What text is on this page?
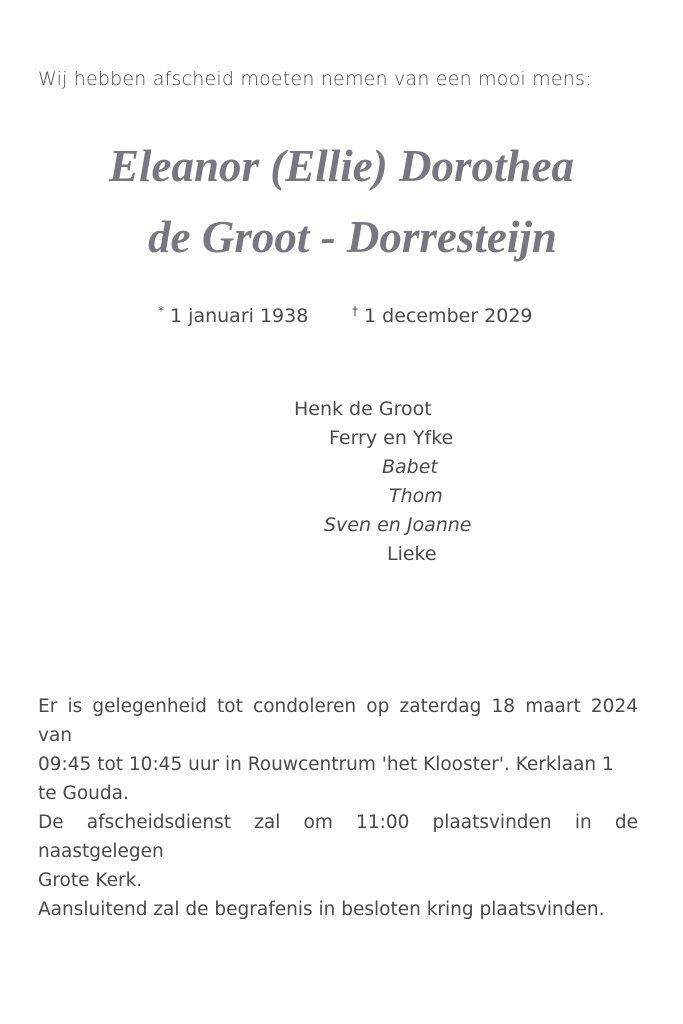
Wij hebben afscheid moeten nemen van een mooi mens:
Eleanor (Ellie) Dorothea
de Groot - Dorresteijn
* 1 januari 1938	† 1 december 2029
Henk de Groot
Ferry en Yfke
Babet
Thom
Sven en Joanne
Lieke
Er is gelegenheid tot condoleren op zaterdag 18 maart 2024 van
09:45 tot 10:45 uur in Rouwcentrum 'het Klooster'. Kerklaan 1
te Gouda.
De afscheidsdienst zal om 11:00 plaatsvinden in de naastgelegen
Grote Kerk.
Aansluitend zal de begrafenis in besloten kring plaatsvinden.
